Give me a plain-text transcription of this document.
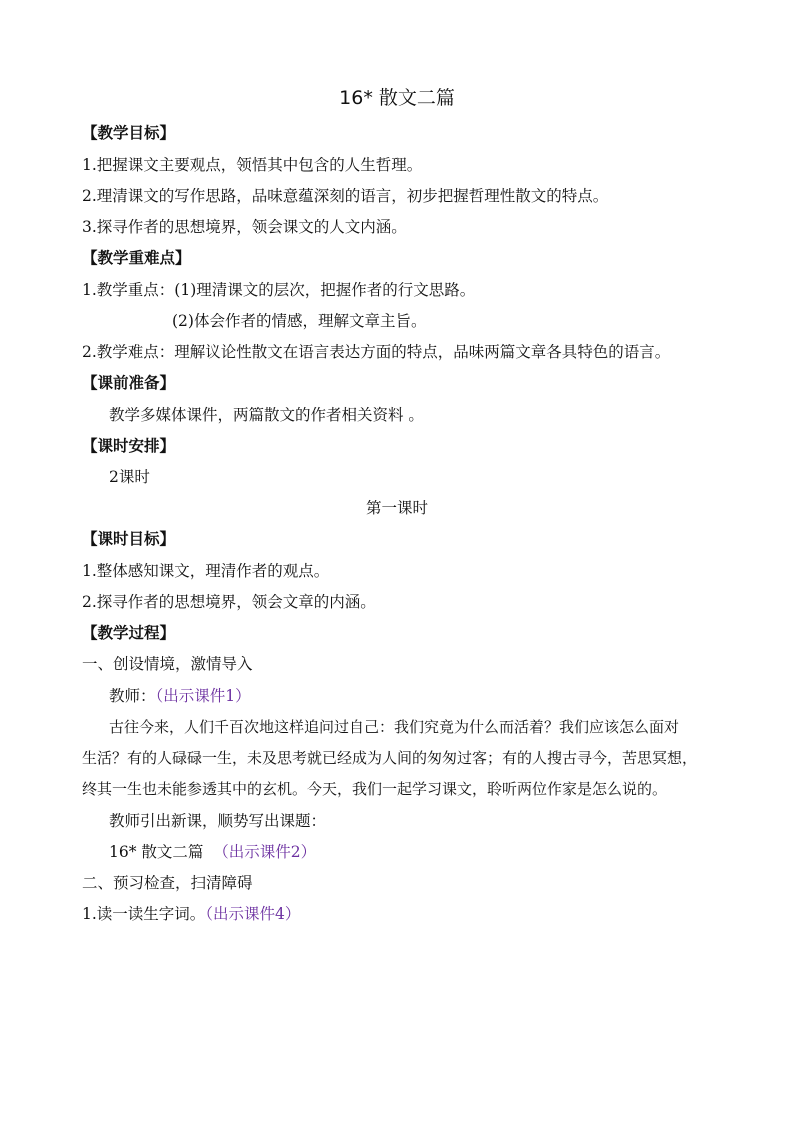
16* 散文二篇
【教学目标】
1.把握课文主要观点，领悟其中包含的人生哲理。
2.理清课文的写作思路，品味意蕴深刻的语言，初步把握哲理性散文的特点。
3.探寻作者的思想境界，领会课文的人文内涵。
【教学重难点】
1.教学重点：(1)理清课文的层次，把握作者的行文思路。
(2)体会作者的情感，理解文章主旨。
2.教学难点：理解议论性散文在语言表达方面的特点，品味两篇文章各具特色的语言。
【课前准备】
教学多媒体课件，两篇散文的作者相关资料 。
【课时安排】
2课时
第一课时
【课时目标】
1.整体感知课文，理清作者的观点。
2.探寻作者的思想境界，领会文章的内涵。
【教学过程】
一、创设情境，激情导入
教师：（出示课件1）
古往今来，人们千百次地这样追问过自己：我们究竟为什么而活着？我们应该怎么面对
生活？有的人碌碌一生，未及思考就已经成为人间的匆匆过客；有的人搜古寻今，苦思冥想，
终其一生也未能参透其中的玄机。今天，我们一起学习课文，聆听两位作家是怎么说的。
教师引出新课，顺势写出课题：
16* 散文二篇 （出示课件2）
二、预习检查，扫清障碍
1.读一读生字词。（出示课件4）
